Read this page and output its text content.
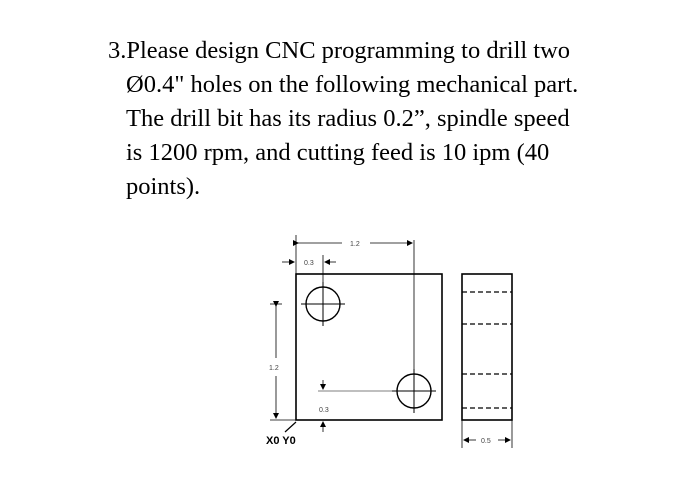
3.Please design CNC programming to drill two
Ø0.4" holes on the following mechanical part.
The drill bit has its radius 0.2”, spindle speed
is 1200 rpm, and cutting feed is 10 ipm (40
points).
1.2
0.3
1.2
0.3
X0 Y0	0.5
